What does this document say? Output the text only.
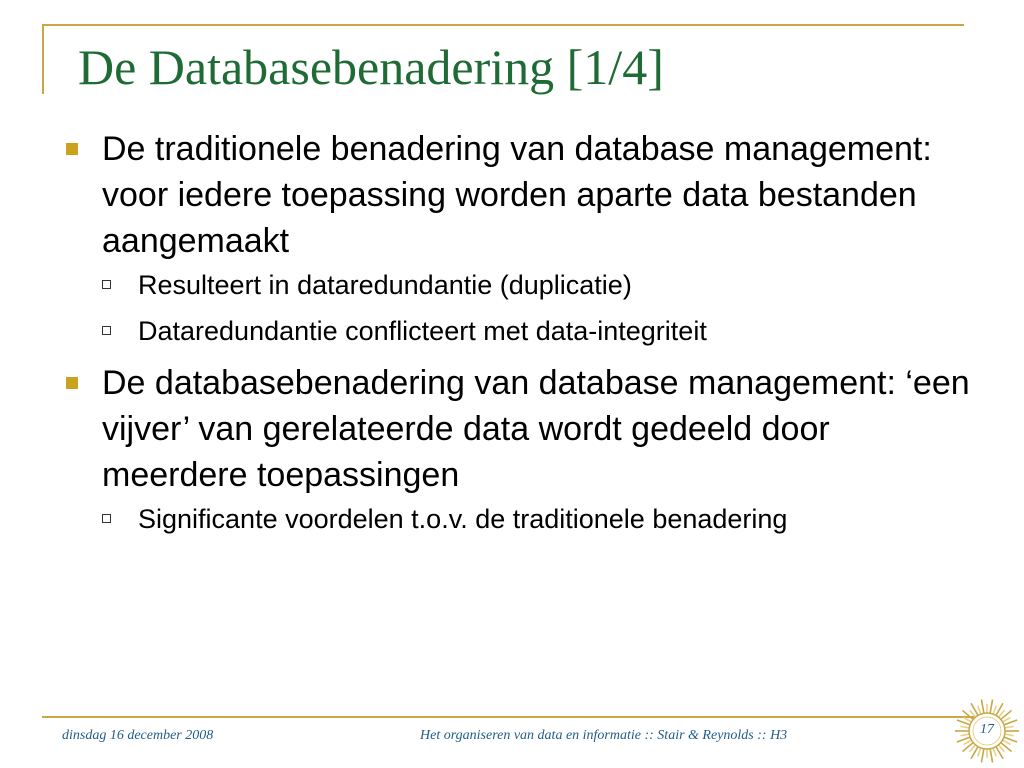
De Databasebenadering [1/4]
De traditionele benadering van database management: voor iedere toepassing worden aparte data bestanden aangemaakt
Resulteert in dataredundantie (duplicatie)
Dataredundantie conflicteert met data-integriteit
De databasebenadering van database management: ‘een vijver’ van gerelateerde data wordt gedeeld door meerdere toepassingen
Significante voordelen t.o.v. de traditionele benadering
dinsdag 16 december 2008	Het organiseren van data en informatie :: Stair & Reynolds :: H3	17
